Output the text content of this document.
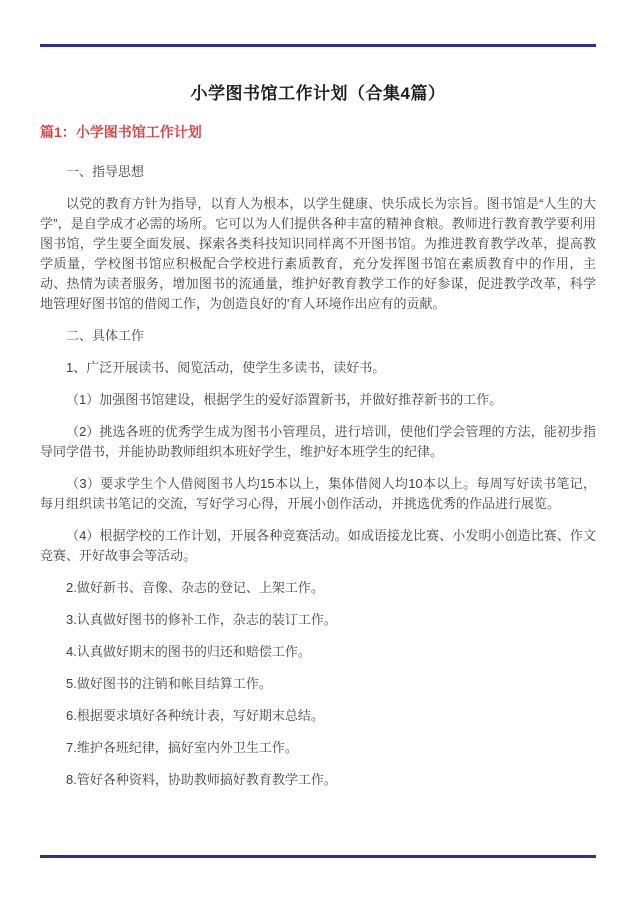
小学图书馆工作计划（合集4篇）
篇1：小学图书馆工作计划

一、指导思想

以党的教育方针为指导，以育人为根本，以学生健康、快乐成长为宗旨。图书馆是“人生的大学”，是自学成才必需的场所。它可以为人们提供各种丰富的精神食粮。教师进行教育教学要利用图书馆，学生要全面发展、探索各类科技知识同样离不开图书馆。为推进教育教学改革，提高教学质量，学校图书馆应积极配合学校进行素质教育，充分发挥图书馆在素质教育中的作用，主动、热情为读者服务，增加图书的流通量，维护好教育教学工作的好参谋，促进教学改革，科学地管理好图书馆的借阅工作，为创造良好的'育人环境作出应有的贡献。

二、具体工作

1、广泛开展读书、阅览活动，使学生多读书，读好书。

（1）加强图书馆建设，根据学生的爱好添置新书，并做好推荐新书的工作。

（2）挑选各班的优秀学生成为图书小管理员，进行培训，使他们学会管理的方法，能初步指导同学借书，并能协助教师组织本班好学生，维护好本班学生的纪律。

（3）要求学生个人借阅图书人均15本以上，集体借阅人均10本以上。每周写好读书笔记，每月组织读书笔记的交流，写好学习心得，开展小创作活动，并挑选优秀的作品进行展览。

（4）根据学校的工作计划，开展各种竞赛活动。如成语接龙比赛、小发明小创造比赛、作文竞赛、开好故事会等活动。

2.做好新书、音像、杂志的登记、上架工作。

3.认真做好图书的修补工作，杂志的装订工作。

4.认真做好期末的图书的归还和赔偿工作。

5.做好图书的注销和帐目结算工作。

6.根据要求填好各种统计表，写好期末总结。

7.维护各班纪律，搞好室内外卫生工作。

8.管好各种资料，协助教师搞好教育教学工作。
